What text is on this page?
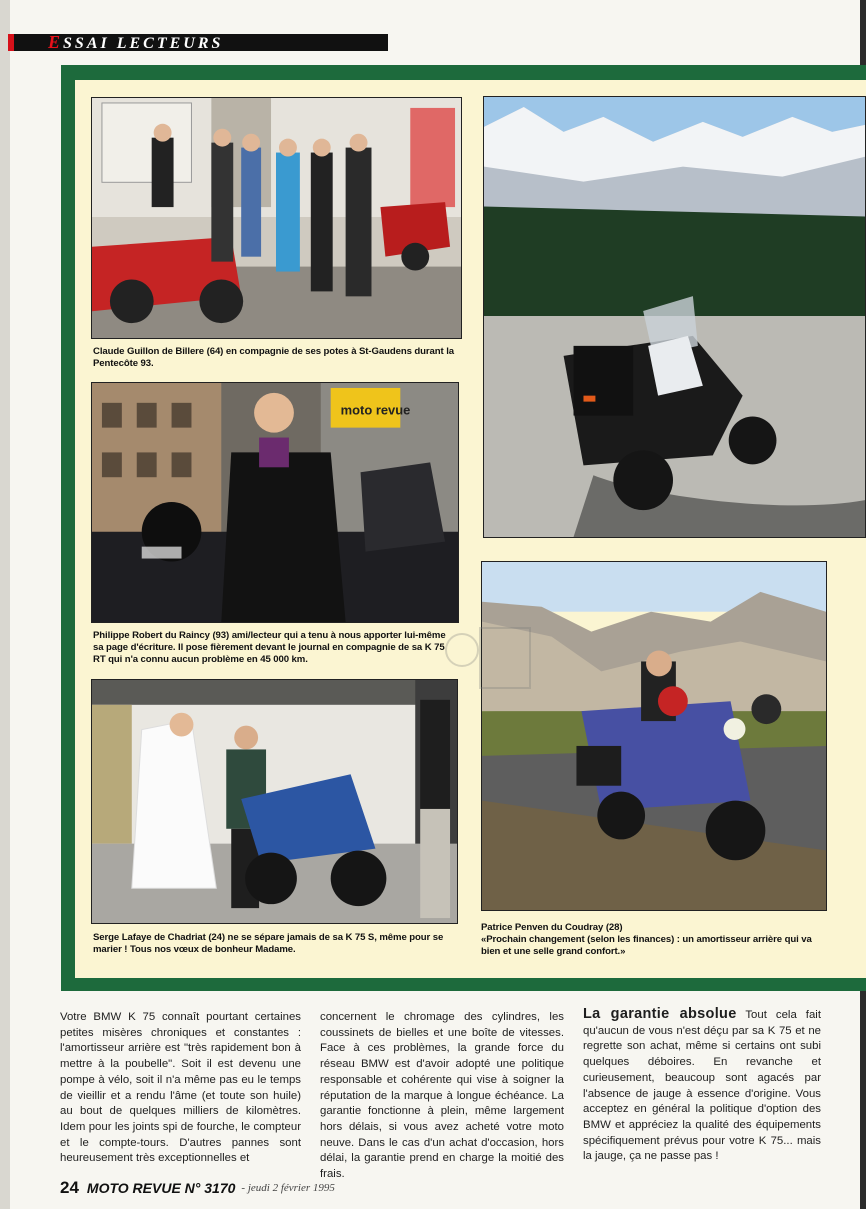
ESSAI LECTEURS
Claude Guillon de Billere (64) en compagnie de ses potes à St-Gaudens durant la Pentecôte 93.
moto revue
Philippe Robert du Raincy (93) ami/lecteur qui a tenu à nous apporter lui-même sa page d'écriture. Il pose fièrement devant le journal en compagnie de sa K 75 RT qui n'a connu aucun problème en 45 000 km.
Patrice Penven du Coudray (28)
«Prochain changement (selon les finances) : un amortisseur arrière qui va bien et une selle grand confort.»
Serge Lafaye de Chadriat (24) ne se sépare jamais de sa K 75 S, même pour se marier ! Tous nos vœux de bonheur Madame.
Votre BMW K 75 connaît pourtant certaines petites misères chroniques et constantes : l'amortisseur arrière est "très rapidement bon à mettre à la poubelle". Soit il est devenu une pompe à vélo, soit il n'a même pas eu le temps de vieillir et a rendu l'âme (et toute son huile) au bout de quelques milliers de kilomètres. Idem pour les joints spi de fourche, le compteur et le compte-tours. D'autres pannes sont heureusement très exceptionnelles et
concernent le chromage des cylindres, les coussinets de bielles et une boîte de vitesses. Face à ces problèmes, la grande force du réseau BMW est d'avoir adopté une politique responsable et cohérente qui vise à soigner la réputation de la marque à longue échéance. La garantie fonctionne à plein, même largement hors délais, si vous avez acheté votre moto neuve. Dans le cas d'un achat d'occasion, hors délai, la garantie prend en charge la moitié des frais.
La garantie absolue Tout cela fait qu'aucun de vous n'est déçu par sa K 75 et ne regrette son achat, même si certains ont subi quelques déboires. En revanche et curieusement, beaucoup sont agacés par l'absence de jauge à essence d'origine. Vous acceptez en général la politique d'option des BMW et appréciez la qualité des équipements spécifiquement prévus pour votre K 75... mais la jauge, ça ne passe pas !
24 MOTO REVUE N° 3170 - jeudi 2 février 1995
